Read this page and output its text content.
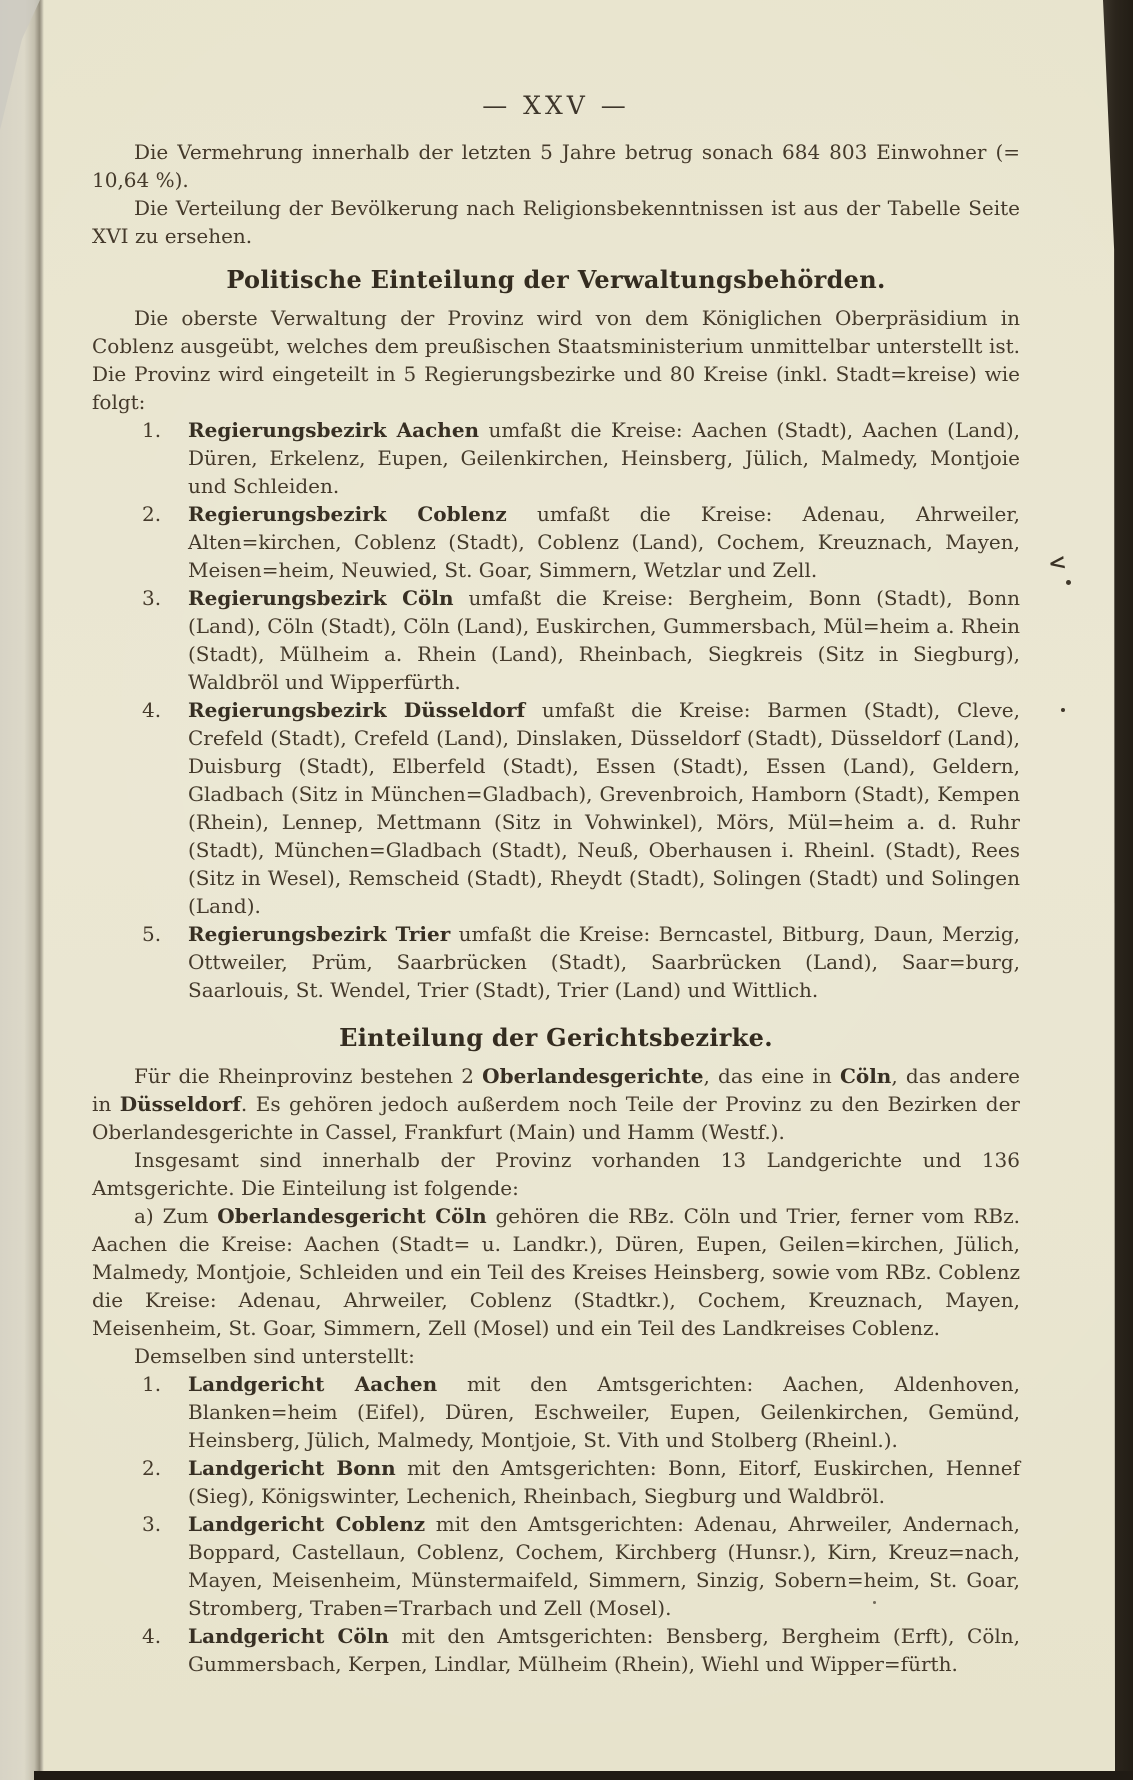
<
— XXV —

Die Vermehrung innerhalb der letzten 5 Jahre betrug sonach 684 803 Einwohner (= 10,64 %).

Die Verteilung der Bevölkerung nach Religionsbekenntnissen ist aus der Tabelle Seite XVI zu ersehen.

Politische Einteilung der Verwaltungsbehörden.

Die oberste Verwaltung der Provinz wird von dem Königlichen Oberpräsidium in Coblenz ausgeübt, welches dem preußischen Staatsministerium unmittelbar unterstellt ist. Die Provinz wird eingeteilt in 5 Regierungsbezirke und 80 Kreise (inkl. Stadt=kreise) wie folgt:

1. Regierungsbezirk Aachen umfaßt die Kreise: Aachen (Stadt), Aachen (Land), Düren, Erkelenz, Eupen, Geilenkirchen, Heinsberg, Jülich, Malmedy, Montjoie und Schleiden.
2. Regierungsbezirk Coblenz umfaßt die Kreise: Adenau, Ahrweiler, Alten=kirchen, Coblenz (Stadt), Coblenz (Land), Cochem, Kreuznach, Mayen, Meisen=heim, Neuwied, St. Goar, Simmern, Wetzlar und Zell.
3. Regierungsbezirk Cöln umfaßt die Kreise: Bergheim, Bonn (Stadt), Bonn (Land), Cöln (Stadt), Cöln (Land), Euskirchen, Gummersbach, Mül=heim a. Rhein (Stadt), Mülheim a. Rhein (Land), Rheinbach, Siegkreis (Sitz in Siegburg), Waldbröl und Wipperfürth.
4. Regierungsbezirk Düsseldorf umfaßt die Kreise: Barmen (Stadt), Cleve, Crefeld (Stadt), Crefeld (Land), Dinslaken, Düsseldorf (Stadt), Düsseldorf (Land), Duisburg (Stadt), Elberfeld (Stadt), Essen (Stadt), Essen (Land), Geldern, Gladbach (Sitz in München=Gladbach), Grevenbroich, Hamborn (Stadt), Kempen (Rhein), Lennep, Mettmann (Sitz in Vohwinkel), Mörs, Mül=heim a. d. Ruhr (Stadt), München=Gladbach (Stadt), Neuß, Oberhausen i. Rheinl. (Stadt), Rees (Sitz in Wesel), Remscheid (Stadt), Rheydt (Stadt), Solingen (Stadt) und Solingen (Land).
5. Regierungsbezirk Trier umfaßt die Kreise: Berncastel, Bitburg, Daun, Merzig, Ottweiler, Prüm, Saarbrücken (Stadt), Saarbrücken (Land), Saar=burg, Saarlouis, St. Wendel, Trier (Stadt), Trier (Land) und Wittlich.
Einteilung der Gerichtsbezirke.

Für die Rheinprovinz bestehen 2 Oberlandesgerichte, das eine in Cöln, das andere in Düsseldorf. Es gehören jedoch außerdem noch Teile der Provinz zu den Bezirken der Oberlandesgerichte in Cassel, Frankfurt (Main) und Hamm (Westf.).

Insgesamt sind innerhalb der Provinz vorhanden 13 Landgerichte und 136 Amtsgerichte. Die Einteilung ist folgende:

a) Zum Oberlandesgericht Cöln gehören die RBz. Cöln und Trier, ferner vom RBz. Aachen die Kreise: Aachen (Stadt= u. Landkr.), Düren, Eupen, Geilen=kirchen, Jülich, Malmedy, Montjoie, Schleiden und ein Teil des Kreises Heinsberg, sowie vom RBz. Coblenz die Kreise: Adenau, Ahrweiler, Coblenz (Stadtkr.), Cochem, Kreuznach, Mayen, Meisenheim, St. Goar, Simmern, Zell (Mosel) und ein Teil des Landkreises Coblenz.

Demselben sind unterstellt:

1. Landgericht Aachen mit den Amtsgerichten: Aachen, Aldenhoven, Blanken=heim (Eifel), Düren, Eschweiler, Eupen, Geilenkirchen, Gemünd, Heinsberg, Jülich, Malmedy, Montjoie, St. Vith und Stolberg (Rheinl.).
2. Landgericht Bonn mit den Amtsgerichten: Bonn, Eitorf, Euskirchen, Hennef (Sieg), Königswinter, Lechenich, Rheinbach, Siegburg und Waldbröl.
3. Landgericht Coblenz mit den Amtsgerichten: Adenau, Ahrweiler, Andernach, Boppard, Castellaun, Coblenz, Cochem, Kirchberg (Hunsr.), Kirn, Kreuz=nach, Mayen, Meisenheim, Münstermaifeld, Simmern, Sinzig, Sobern=heim, St. Goar, Stromberg, Traben=Trarbach und Zell (Mosel).
4. Landgericht Cöln mit den Amtsgerichten: Bensberg, Bergheim (Erft), Cöln, Gummersbach, Kerpen, Lindlar, Mülheim (Rhein), Wiehl und Wipper=fürth.
